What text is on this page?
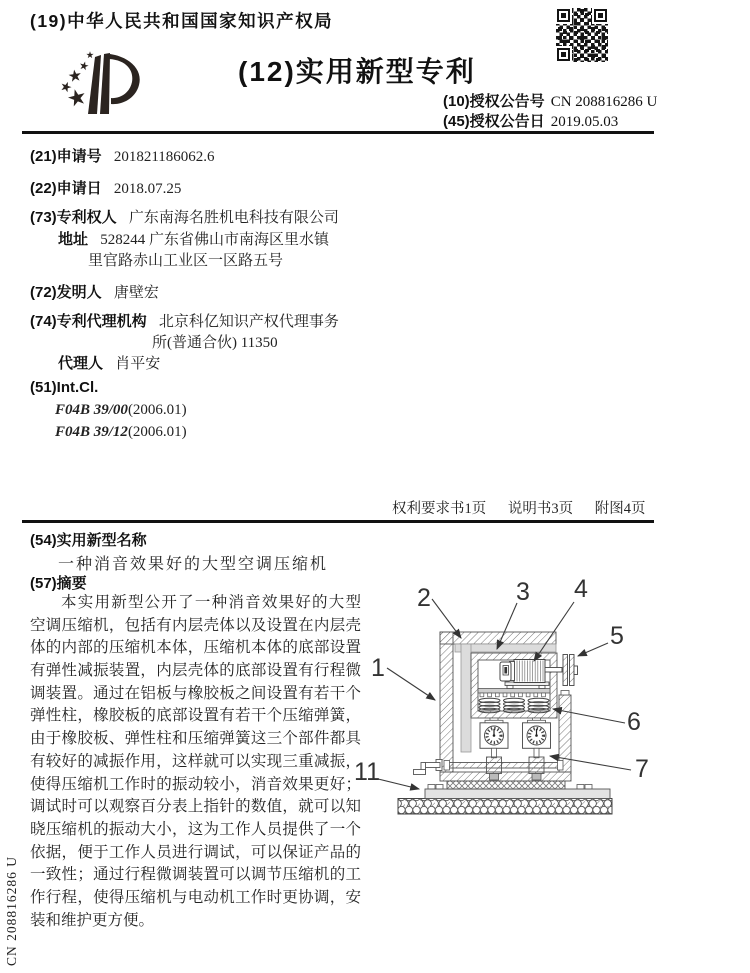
(19)中华人民共和国国家知识产权局
(12)实用新型专利
(10)授权公告号 CN 208816286 U
(45)授权公告日 2019.05.03
(21)申请号 201821186062.6
(22)申请日 2018.07.25
(73)专利权人 广东南海名胜机电科技有限公司
地址 528244 广东省佛山市南海区里水镇
里官路赤山工业区一区路五号
(72)发明人 唐壁宏
(74)专利代理机构 北京科亿知识产权代理事务
所(普通合伙) 11350
代理人 肖平安
(51)Int.Cl.
F04B 39/00(2006.01)
F04B 39/12(2006.01)
权利要求书1页 说明书3页 附图4页
(54)实用新型名称
一种消音效果好的大型空调压缩机
(57)摘要
本实用新型公开了一种消音效果好的大型
空调压缩机，包括有内层壳体以及设置在内层壳
体的内部的压缩机本体，压缩机本体的底部设置
有弹性减振装置，内层壳体的底部设置有行程微
调装置。通过在铝板与橡胶板之间设置有若干个
弹性柱，橡胶板的底部设置有若干个压缩弹簧，
由于橡胶板、弹性柱和压缩弹簧这三个部件都具
有较好的减振作用，这样就可以实现三重减振，
使得压缩机工作时的振动较小，消音效果更好；
调试时可以观察百分表上指针的数值，就可以知
晓压缩机的振动大小，这为工作人员提供了一个
依据，便于工作人员进行调试，可以保证产品的
一致性；通过行程微调装置可以调节压缩机的工
作行程，使得压缩机与电动机工作时更协调，安
装和维护更方便。
1
2	3 4
5
6
7
11
CN 208816286 U
